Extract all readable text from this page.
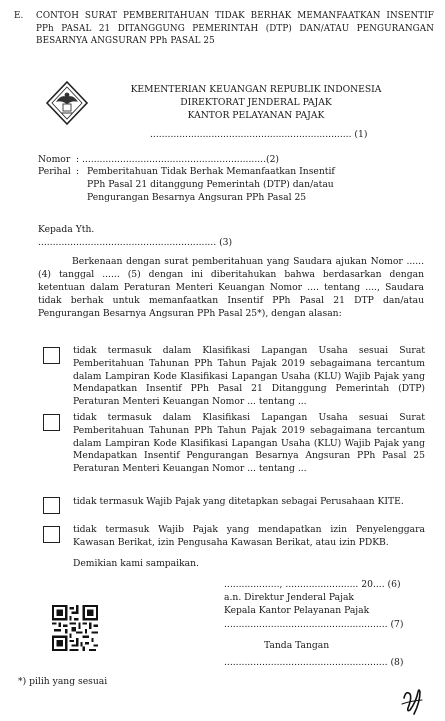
E. CONTOH SURAT PEMBERITAHUAN TIDAK BERHAK MEMANFAATKAN INSENTIF PPh PASAL 21 DITANGGUNG PEMERINTAH (DTP) DAN/ATAU PENGURANGAN BESARNYA ANGSURAN PPh PASAL 25
KEMENTERIAN KEUANGAN REPUBLIK INDONESIA
DIREKTORAT JENDERAL PAJAK
KANTOR PELAYANAN PAJAK
..................................................................... (1)
Nomor : ...............................................................(2)
Perihal : Pemberitahuan Tidak Berhak Memanfaatkan Insentif
PPh Pasal 21 ditanggung Pemerintah (DTP) dan/atau
Pengurangan Besarnya Angsuran PPh Pasal 25
Kepada Yth.
............................................................. (3)
Berkenaan dengan surat pemberitahuan yang Saudara ajukan Nomor ...... (4) tanggal ...... (5) dengan ini diberitahukan bahwa berdasarkan dengan ketentuan dalam Peraturan Menteri Keuangan Nomor .... tentang ...., Saudara tidak berhak untuk memanfaatkan Insentif PPh Pasal 21 DTP dan/atau Pengurangan Besarnya Angsuran PPh Pasal 25*), dengan alasan:
tidak termasuk dalam Klasifikasi Lapangan Usaha sesuai Surat Pemberitahuan Tahunan PPh Tahun Pajak 2019 sebagaimana tercantum dalam Lampiran Kode Klasifikasi Lapangan Usaha (KLU) Wajib Pajak yang Mendapatkan Insentif PPh Pasal 21 Ditanggung Pemerintah (DTP) Peraturan Menteri Keuangan Nomor ... tentang ...
tidak termasuk dalam Klasifikasi Lapangan Usaha sesuai Surat Pemberitahuan Tahunan PPh Tahun Pajak 2019 sebagaimana tercantum dalam Lampiran Kode Klasifikasi Lapangan Usaha (KLU) Wajib Pajak yang Mendapatkan Insentif Pengurangan Besarnya Angsuran PPh Pasal 25 Peraturan Menteri Keuangan Nomor ... tentang ...
tidak termasuk Wajib Pajak yang ditetapkan sebagai Perusahaan KITE.
tidak termasuk Wajib Pajak yang mendapatkan izin Penyelenggara Kawasan Berikat, izin Pengusaha Kawasan Berikat, atau izin PDKB.
Demikian kami sampaikan.
..................., ......................... 20.... (6)
a.n. Direktur Jenderal Pajak
Kepala Kantor Pelayanan Pajak
........................................................ (7)
Tanda Tangan
........................................................ (8)
*) pilih yang sesuai
